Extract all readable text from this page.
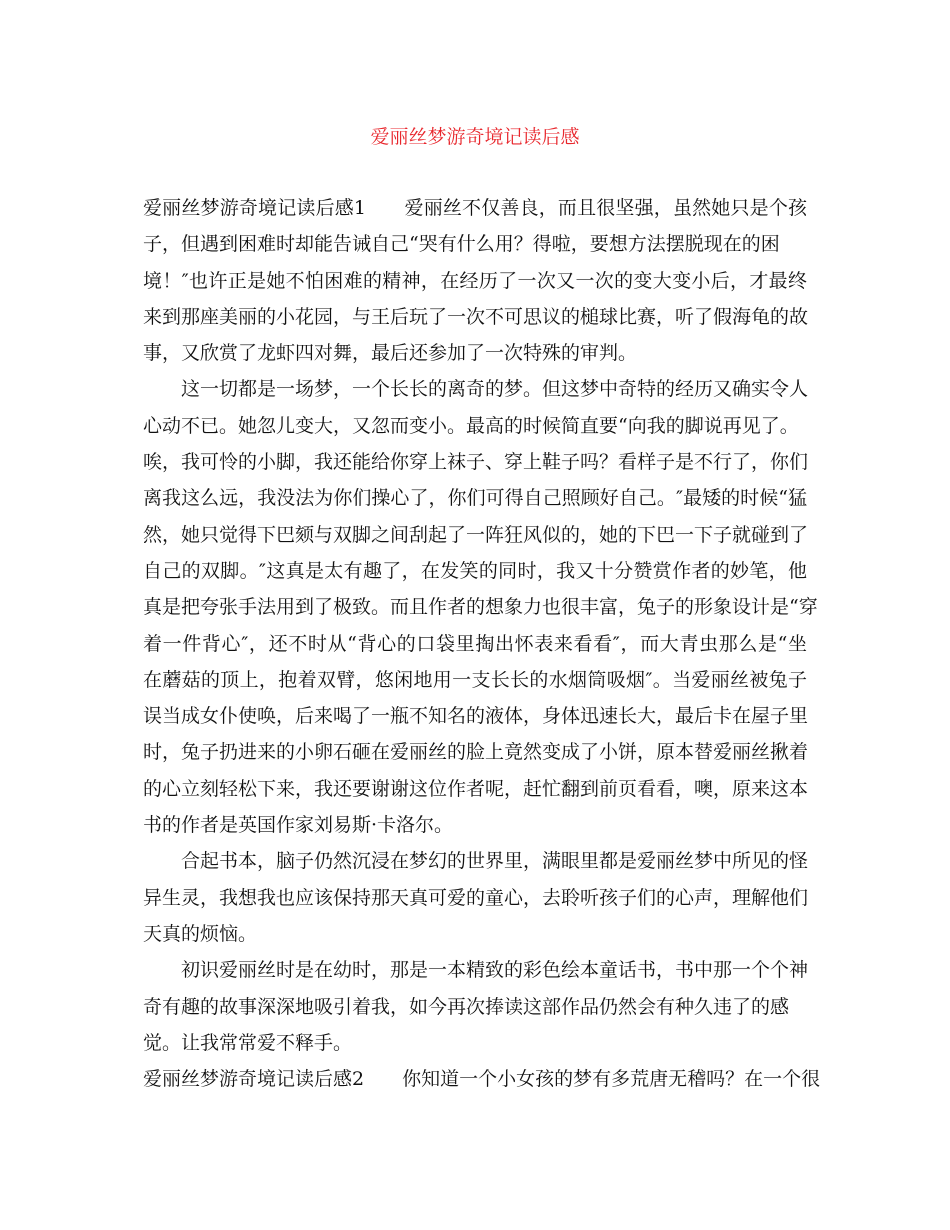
爱丽丝梦游奇境记读后感
爱丽丝梦游奇境记读后感1　　爱丽丝不仅善良，而且很坚强，虽然她只是个孩
子，但遇到困难时却能告诫自己“哭有什么用？得啦，要想方法摆脱现在的困
境！″也许正是她不怕困难的精神，在经历了一次又一次的变大变小后，才最终
来到那座美丽的小花园，与王后玩了一次不可思议的槌球比赛，听了假海龟的故
事，又欣赏了龙虾四对舞，最后还参加了一次特殊的审判。
　　这一切都是一场梦，一个长长的离奇的梦。但这梦中奇特的经历又确实令人
心动不已。她忽儿变大，又忽而变小。最高的时候简直要“向我的脚说再见了。
唉，我可怜的小脚，我还能给你穿上袜子、穿上鞋子吗？看样子是不行了，你们
离我这么远，我没法为你们操心了，你们可得自己照顾好自己。″最矮的时候“猛
然，她只觉得下巴颏与双脚之间刮起了一阵狂风似的，她的下巴一下子就碰到了
自己的双脚。″这真是太有趣了，在发笑的同时，我又十分赞赏作者的妙笔，他
真是把夸张手法用到了极致。而且作者的想象力也很丰富，兔子的形象设计是“穿
着一件背心″，还不时从“背心的口袋里掏出怀表来看看″，而大青虫那么是“坐
在蘑菇的顶上，抱着双臂，悠闲地用一支长长的水烟筒吸烟″。当爱丽丝被兔子
误当成女仆使唤，后来喝了一瓶不知名的液体，身体迅速长大，最后卡在屋子里
时，兔子扔进来的小卵石砸在爱丽丝的脸上竟然变成了小饼，原本替爱丽丝揪着
的心立刻轻松下来，我还要谢谢这位作者呢，赶忙翻到前页看看，噢，原来这本
书的作者是英国作家刘易斯·卡洛尔。
　　合起书本，脑子仍然沉浸在梦幻的世界里，满眼里都是爱丽丝梦中所见的怪
异生灵，我想我也应该保持那天真可爱的童心，去聆听孩子们的心声，理解他们
天真的烦恼。
　　初识爱丽丝时是在幼时，那是一本精致的彩色绘本童话书，书中那一个个神
奇有趣的故事深深地吸引着我，如今再次捧读这部作品仍然会有种久违了的感
觉。让我常常爱不释手。
爱丽丝梦游奇境记读后感2　　你知道一个小女孩的梦有多荒唐无稽吗？在一个很
